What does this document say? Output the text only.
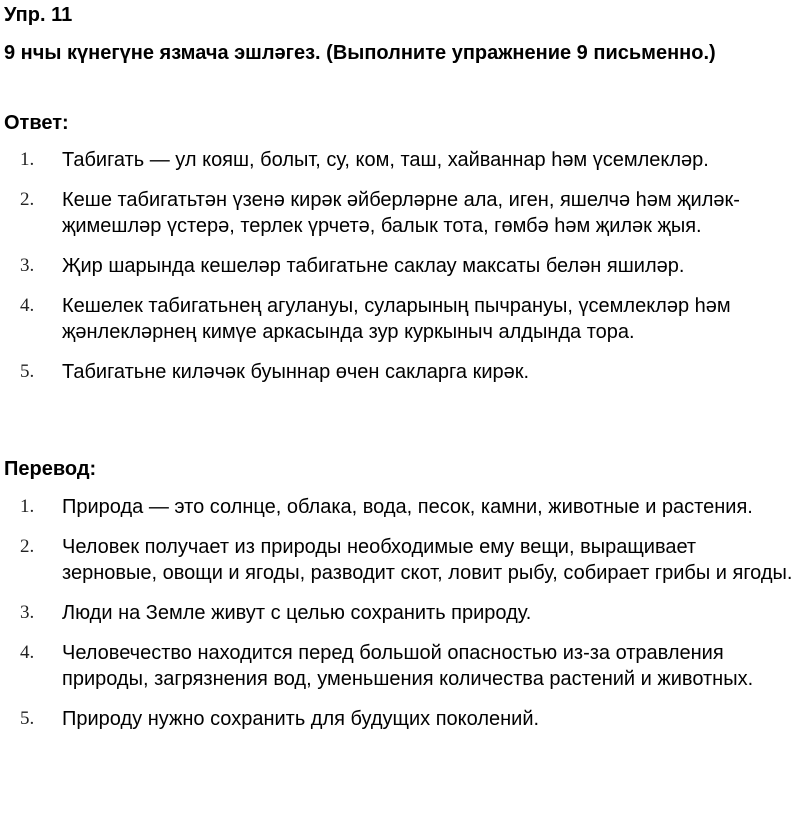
Упр. 11

9 нчы күнегүне язмача эшләгез. (Выполните упражнение 9 письменно.)

Ответ:
1. Табигать — ул кояш, болыт, су, ком, таш, хайваннар һәм үсемлекләр.
2. Кеше табигатьтән үзенә кирәк әйберләрне ала, иген, яшелчә һәм җиләк-җимешләр үстерә, терлек үрчетә, балык тота, гөмбә һәм җиләк җыя.
3. Җир шарында кешеләр табигатьне саклау максаты белән яшиләр.
4. Кешелек табигатьнең агулануы, суларының пычрануы, үсемлекләр һәм җәнлекләрнең кимүе аркасында зур куркыныч алдында тора.
5. Табигатьне киләчәк буыннар өчен сакларга кирәк.
Перевод:
1. Природа — это солнце, облака, вода, песок, камни, животные и растения.
2. Человек получает из природы необходимые ему вещи, выращивает зерновые, овощи и ягоды, разводит скот, ловит рыбу, собирает грибы и ягоды.
3. Люди на Земле живут с целью сохранить природу.
4. Человечество находится перед большой опасностью из-за отравления природы, загрязнения вод, уменьшения количества растений и животных.
5. Природу нужно сохранить для будущих поколений.
